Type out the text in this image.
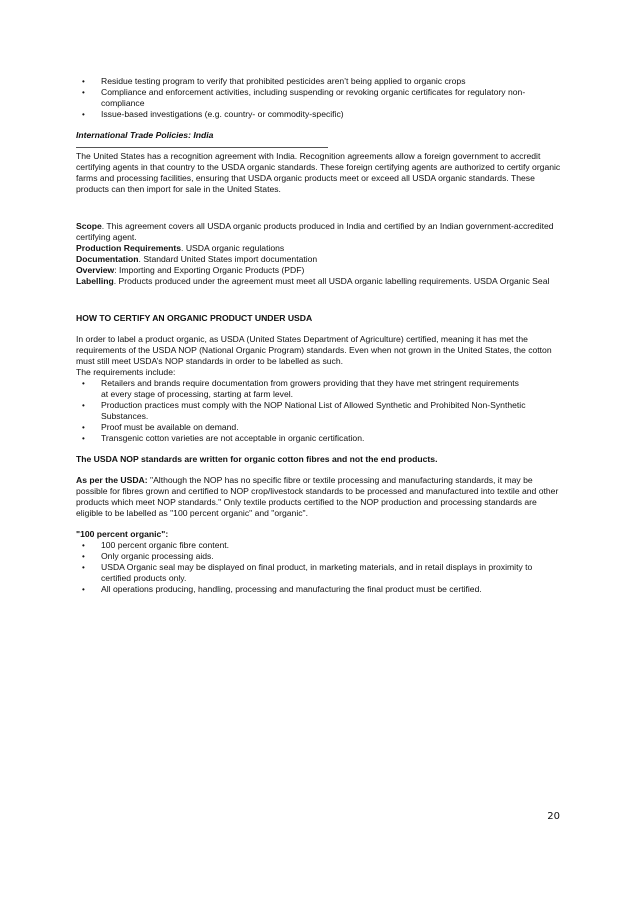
• Residue testing program to verify that prohibited pesticides aren’t being applied to organic crops
• Compliance and enforcement activities, including suspending or revoking organic certificates for regulatory non-compliance
• Issue-based investigations (e.g. country- or commodity-specific)

International Trade Policies: India

The United States has a recognition agreement with India. Recognition agreements allow a foreign government to accredit certifying agents in that country to the USDA organic standards. These foreign certifying agents are authorized to certify organic farms and processing facilities, ensuring that USDA organic products meet or exceed all USDA organic standards. These products can then import for sale in the United States.

Scope. This agreement covers all USDA organic products produced in India and certified by an Indian government-accredited certifying agent.

Production Requirements. USDA organic regulations

Documentation. Standard United States import documentation

Overview: Importing and Exporting Organic Products (PDF)

Labelling. Products produced under the agreement must meet all USDA organic labelling requirements. USDA Organic Seal

HOW TO CERTIFY AN ORGANIC PRODUCT UNDER USDA

In order to label a product organic, as USDA (United States Department of Agriculture) certified, meaning it has met the requirements of the USDA NOP (National Organic Program) standards. Even when not grown in the United States, the cotton must still meet USDA’s NOP standards in order to be labelled as such.

The requirements include:

• Retailers and brands require documentation from growers providing that they have met stringent requirements
at every stage of processing, starting at farm level.
• Production practices must comply with the NOP National List of Allowed Synthetic and Prohibited Non-Synthetic Substances.
• Proof must be available on demand.
• Transgenic cotton varieties are not acceptable in organic certification.

The USDA NOP standards are written for organic cotton fibres and not the end products.

As per the USDA: "Although the NOP has no specific fibre or textile processing and manufacturing standards, it may be possible for fibres grown and certified to NOP crop/livestock standards to be processed and manufactured into textile and other products which meet NOP standards." Only textile products certified to the NOP production and processing standards are eligible to be labelled as "100 percent organic" and "organic".

"100 percent organic":

• 100 percent organic fibre content.
• Only organic processing aids.
• USDA Organic seal may be displayed on final product, in marketing materials, and in retail displays in proximity to certified products only.
• All operations producing, handling, processing and manufacturing the final product must be certified.
20
